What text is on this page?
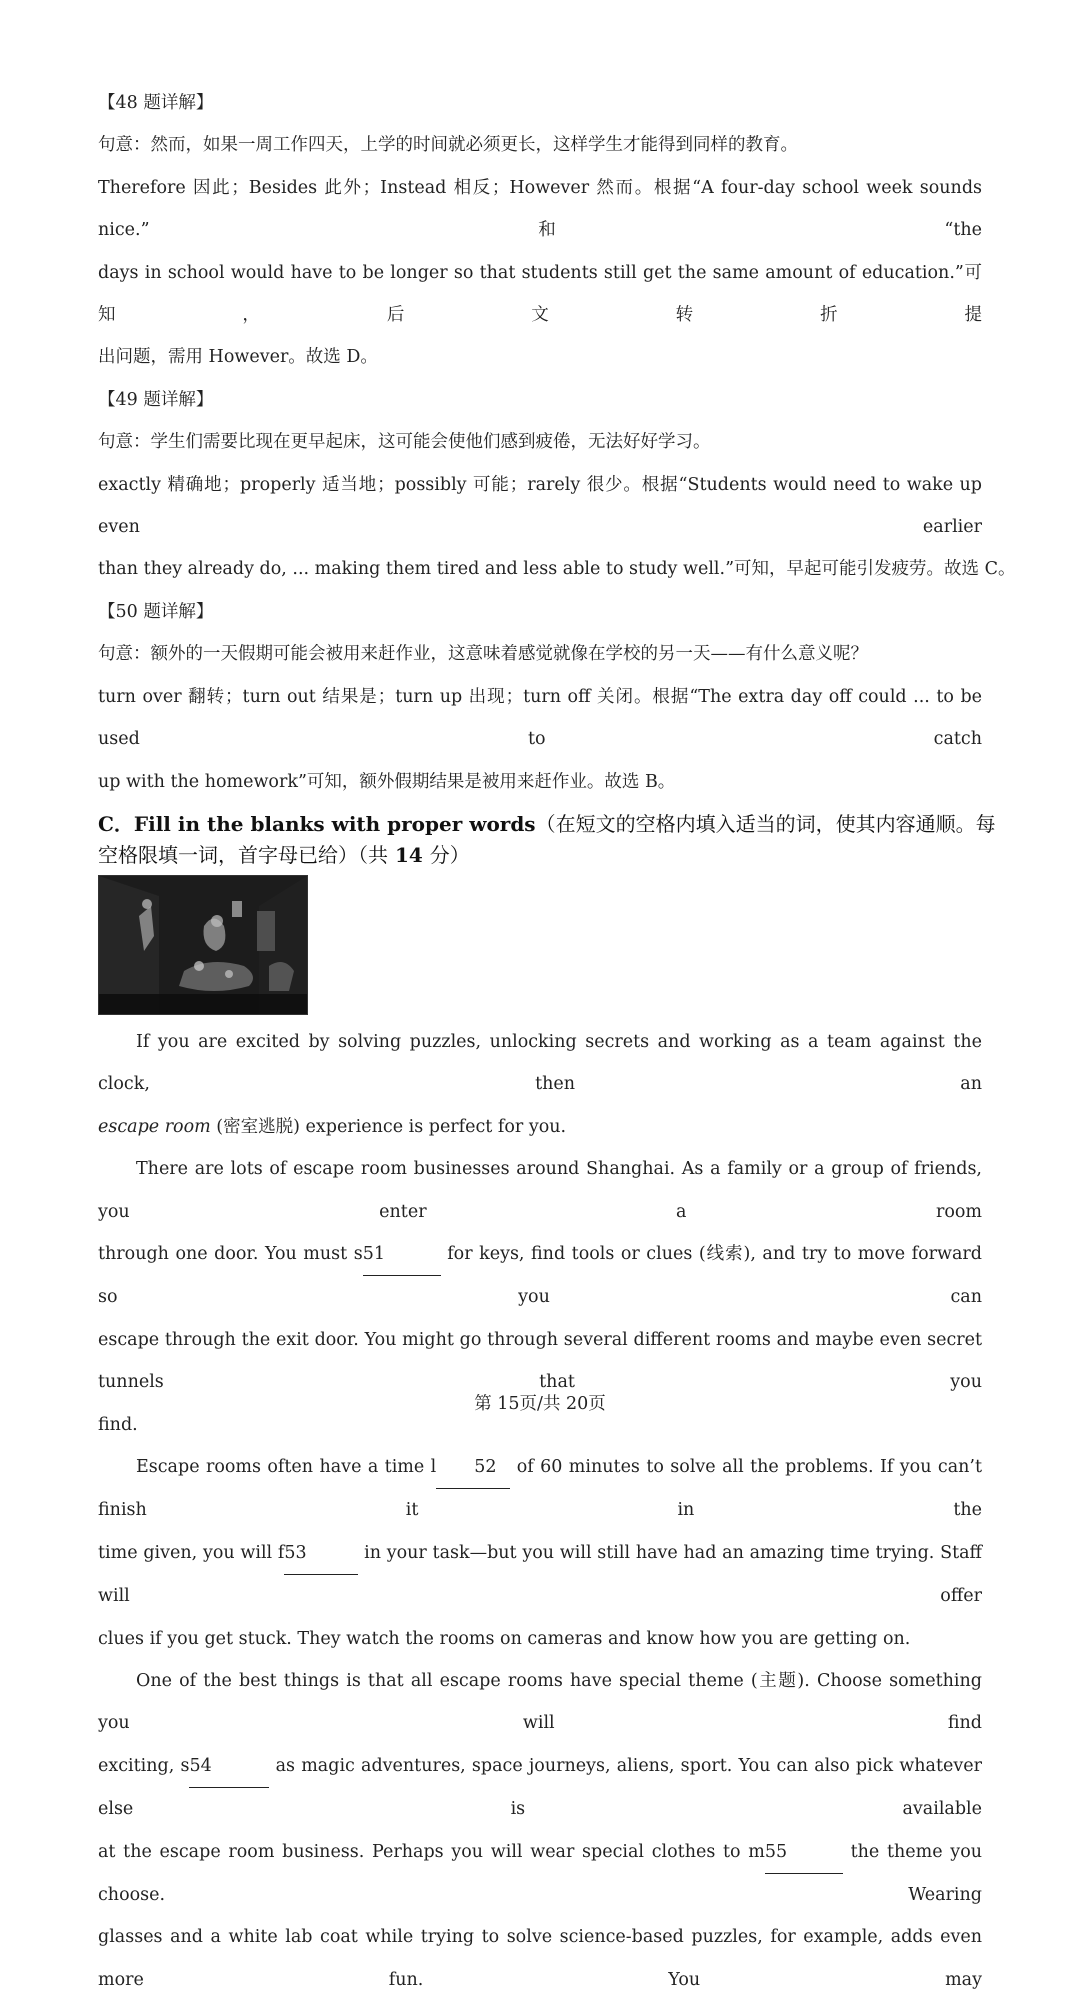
【48 题详解】
句意：然而，如果一周工作四天，上学的时间就必须更长，这样学生才能得到同样的教育。
Therefore 因此；Besides 此外；Instead 相反；However 然而。根据“A four-day school week sounds nice.”和“the
days in school would have to be longer so that students still get the same amount of education.”可知，后文转折提
出问题，需用 However。故选 D。
【49 题详解】
句意：学生们需要比现在更早起床，这可能会使他们感到疲倦，无法好好学习。
exactly 精确地；properly 适当地；possibly 可能；rarely 很少。根据“Students would need to wake up even earlier
than they already do, ... making them tired and less able to study well.”可知，早起可能引发疲劳。故选 C。
【50 题详解】
句意：额外的一天假期可能会被用来赶作业，这意味着感觉就像在学校的另一天——有什么意义呢？
turn over 翻转；turn out 结果是；turn up 出现；turn off 关闭。根据“The extra day off could ... to be used to catch
up with the homework”可知，额外假期结果是被用来赶作业。故选 B。
C．Fill in the blanks with proper words（在短文的空格内填入适当的词，使其内容通顺。每
空格限填一词，首字母已给）（共 14 分）
If you are excited by solving puzzles, unlocking secrets and working as a team against the clock, then an
escape room (密室逃脱) experience is perfect for you.
There are lots of escape room businesses around Shanghai. As a family or a group of friends, you enter a room
through one door. You must s51	for keys, find tools or clues (线索), and try to move forward so you can
escape through the exit door. You might go through several different rooms and maybe even secret tunnels that you
find.
Escape rooms often have a time l 52 of 60 minutes to solve all the problems. If you can’t finish it in the
time given, you will f53	in your task—but you will still have had an amazing time trying. Staff will offer
clues if you get stuck. They watch the rooms on cameras and know how you are getting on.
One of the best things is that all escape rooms have special theme (主题). Choose something you will find
exciting, s54	as magic adventures, space journeys, aliens, sport. You can also pick whatever else is available
at the escape room business. Perhaps you will wear special clothes to m55	the theme you choose. Wearing
glasses and a white lab coat while trying to solve science-based puzzles, for example, adds even more fun. You may
第 15页/共 20页
